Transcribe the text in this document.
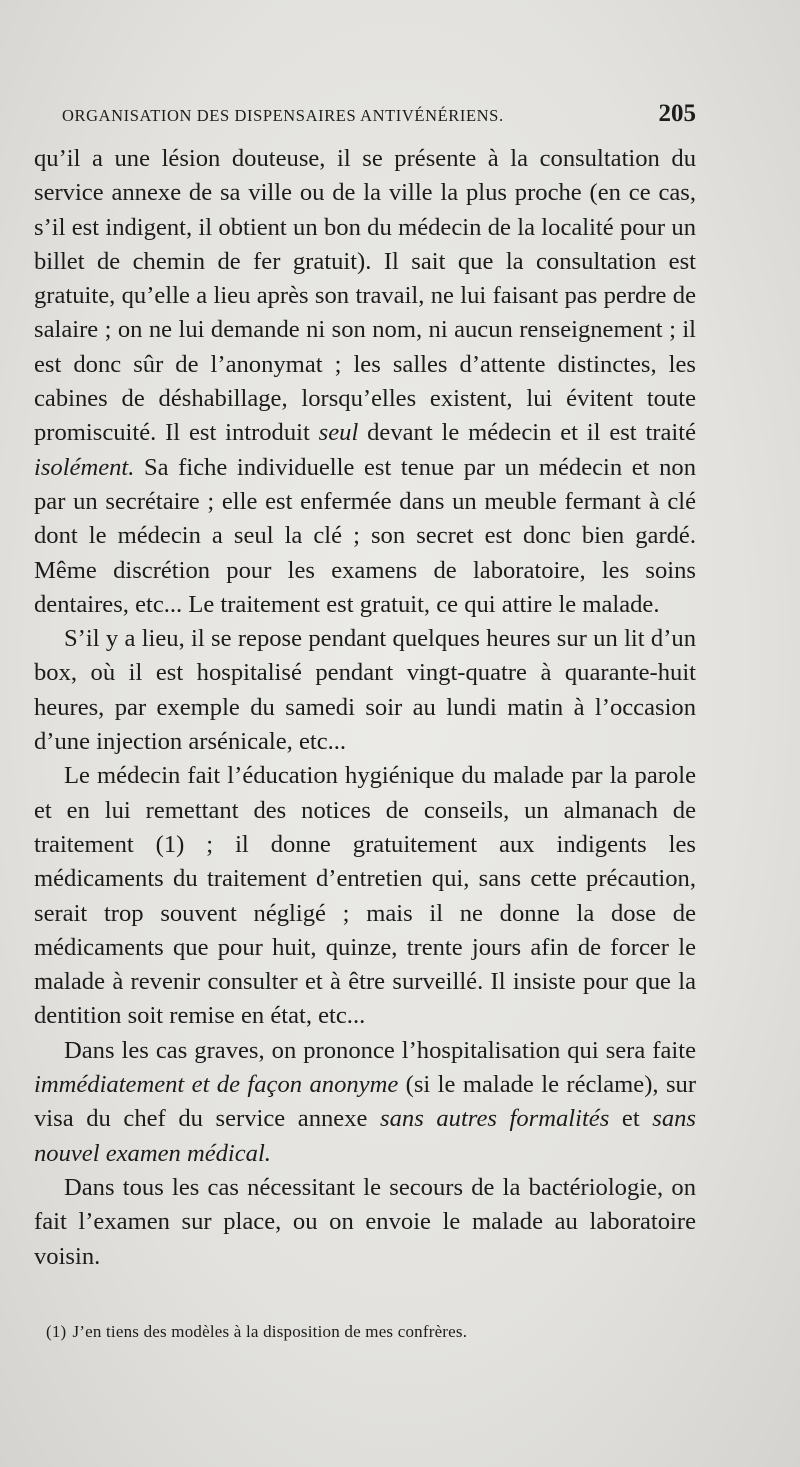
ORGANISATION DES DISPENSAIRES ANTIVÉNÉRIENS.	205

qu’il a une lésion douteuse, il se présente à la consultation du service annexe de sa ville ou de la ville la plus proche (en ce cas, s’il est indigent, il obtient un bon du médecin de la localité pour un billet de chemin de fer gratuit). Il sait que la consultation est gratuite, qu’elle a lieu après son travail, ne lui faisant pas perdre de salaire ; on ne lui demande ni son nom, ni aucun renseignement ; il est donc sûr de l’anonymat ; les salles d’attente distinctes, les cabines de déshabillage, lorsqu’elles existent, lui évitent toute promiscuité. Il est introduit seul devant le médecin et il est traité isolément. Sa fiche individuelle est tenue par un médecin et non par un secrétaire ; elle est enfermée dans un meuble fermant à clé dont le médecin a seul la clé ; son secret est donc bien gardé. Même discrétion pour les examens de laboratoire, les soins dentaires, etc... Le traitement est gratuit, ce qui attire le malade.

S’il y a lieu, il se repose pendant quelques heures sur un lit d’un box, où il est hospitalisé pendant vingt-quatre à quarante-huit heures, par exemple du samedi soir au lundi matin à l’occasion d’une injection arsénicale, etc...

Le médecin fait l’éducation hygiénique du malade par la parole et en lui remettant des notices de conseils, un almanach de traitement (1) ; il donne gratuitement aux indigents les médicaments du traitement d’entretien qui, sans cette précaution, serait trop souvent négligé ; mais il ne donne la dose de médicaments que pour huit, quinze, trente jours afin de forcer le malade à revenir consulter et à être surveillé. Il insiste pour que la dentition soit remise en état, etc...

Dans les cas graves, on prononce l’hospitalisation qui sera faite immédiatement et de façon anonyme (si le malade le réclame), sur visa du chef du service annexe sans autres formalités et sans nouvel examen médical.

Dans tous les cas nécessitant le secours de la bactériologie, on fait l’examen sur place, ou on envoie le malade au laboratoire voisin.

(1) J’en tiens des modèles à la disposition de mes confrères.
